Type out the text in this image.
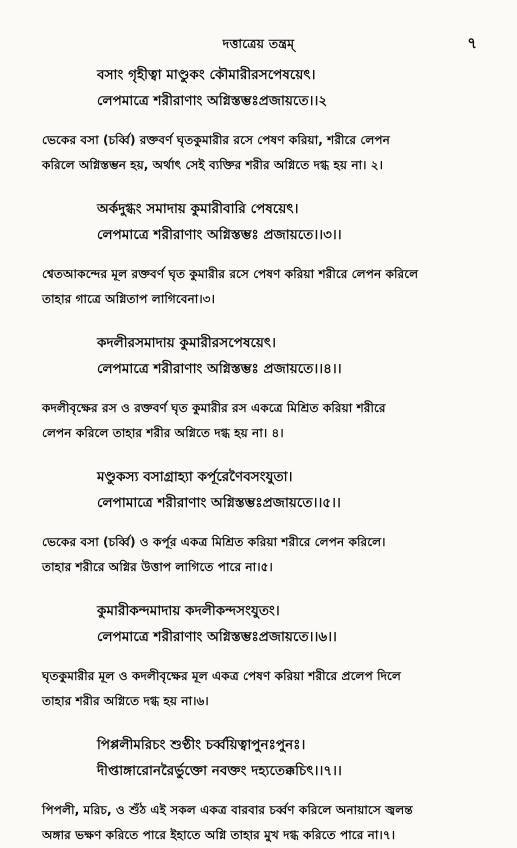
দত্তাত্রেয় তন্ত্রম্	৭
বসাং গৃহীত্বা মাণ্ডুকং কৌমারীরসপেষয়েৎ।
লেপমাত্রে শরীরাণাং অগ্নিস্তম্ভঃপ্রজায়তে।।২
ভেকের বসা (চর্ব্বি) রক্তবর্ণ ঘৃতকুমারীর রসে পেষণ করিয়া, শরীরে লেপন
করিলে অগ্নিস্তম্ভন হয়, অর্থাৎ সেই ব্যক্তির শরীর অগ্নিতে দগ্ধ হয় না। ২।
অর্কদুগ্ধং সমাদায় কুমারীবারি পেষয়েৎ।
লেপমাত্রে শরীরাণাং অগ্নিস্তম্ভঃ প্রজায়তে।।৩।।
শ্বেতআকন্দের মূল রক্তবর্ণ ঘৃত কুমারীর রসে পেষণ করিয়া শরীরে লেপন করিলে
তাহার গাত্রে অগ্নিতাপ লাগিবেনা।৩।
কদলীরসমাদায় কুমারীরসপেষয়েৎ।
লেপমাত্রে শরীরাণাং অগ্নিস্তম্ভঃ প্রজায়তে।।৪।।
কদলীবৃক্ষের রস ও রক্তবর্ণ ঘৃত কুমারীর রস একত্রে মিশ্রিত করিয়া শরীরে
লেপন করিলে তাহার শরীর অগ্নিতে দগ্ধ হয় না। ৪।
মণ্ডুকস্য বসাগ্রাহ্যা কর্পূরেণৈবসংযুতা।
লেপামাত্রে শরীরাণাং অগ্নিস্তম্ভঃপ্রজায়তে।।৫।।
ভেকের বসা (চর্ব্বি) ও কর্পূর একত্র মিশ্রিত করিয়া শরীরে লেপন করিলে।
তাহার শরীরে অগ্নির উত্তাপ লাগিতে পারে না।৫।
কুমারীকন্দমাদায় কদলীকন্দসংযুতং।
লেপমাত্রে শরীরাণাং অগ্নিস্তম্ভঃপ্রজায়তে।।৬।।
ঘৃতকুমারীর মূল ও কদলীবৃক্ষের মূল একত্র পেষণ করিয়া শরীরে প্রলেপ দিলে
তাহার শরীর অগ্নিতে দগ্ধ হয় না।৬।
পিপ্পলীমরিচং শুণ্ঠীং চর্ব্বয়িত্বাপুনঃপুনঃ।
দীপ্তাঙ্গারোনরৈর্ভুক্তো নবক্তং দহ্যতেক্কচিৎ।।৭।।
পিপলী, মরিচ, ও শুঁঠ এই সকল একত্র বারবার চর্ব্বণ করিলে অনায়াসে জ্বলন্ত
অঙ্গার ভক্ষণ করিতে পারে ইহাতে অগ্নি তাহার মুখ দগ্ধ করিতে পারে না।৭।
